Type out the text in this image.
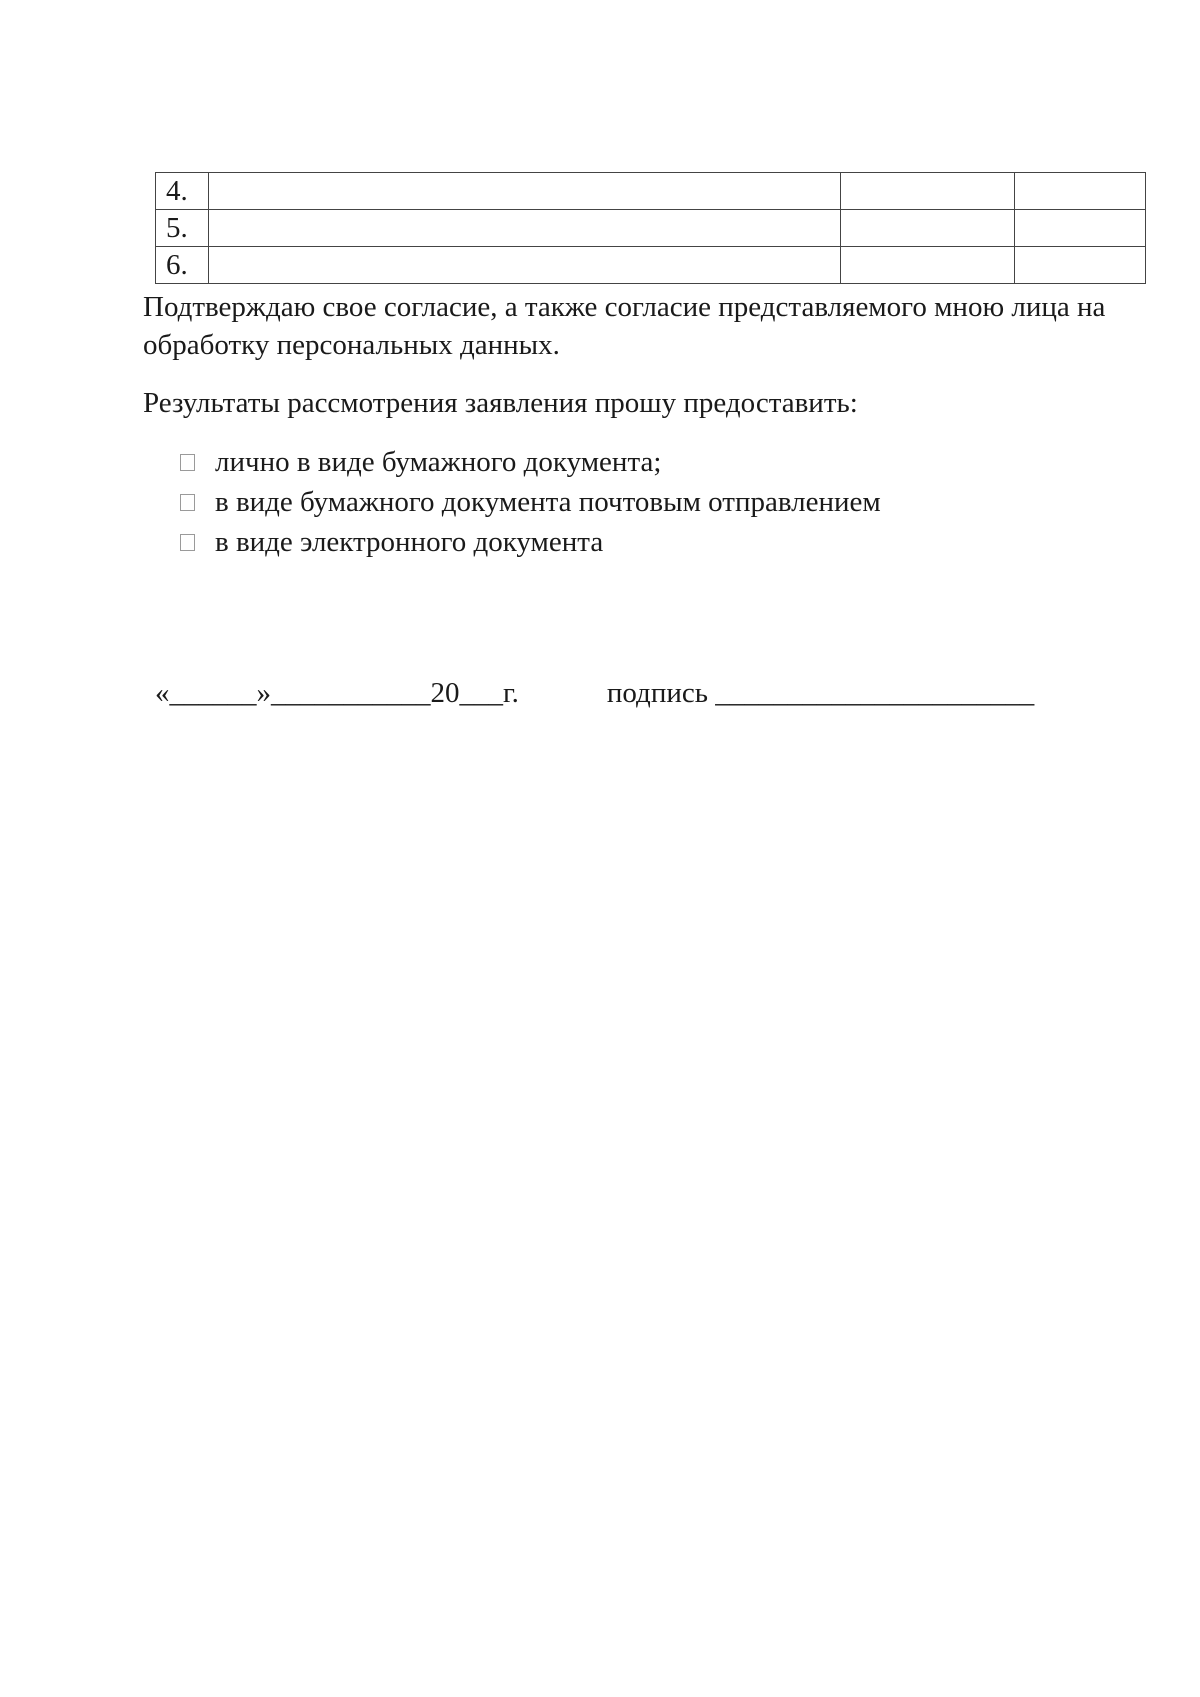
4.			
5.			
6.			

Подтверждаю свое согласие, а также согласие представляемого мною лица на обработку персональных данных.

Результаты рассмотрения заявления прошу предоставить:

лично в виде бумажного документа;
в виде бумажного документа почтовым отправлением
в виде электронного документа
«______»___________20___г.	подпись ______________________
